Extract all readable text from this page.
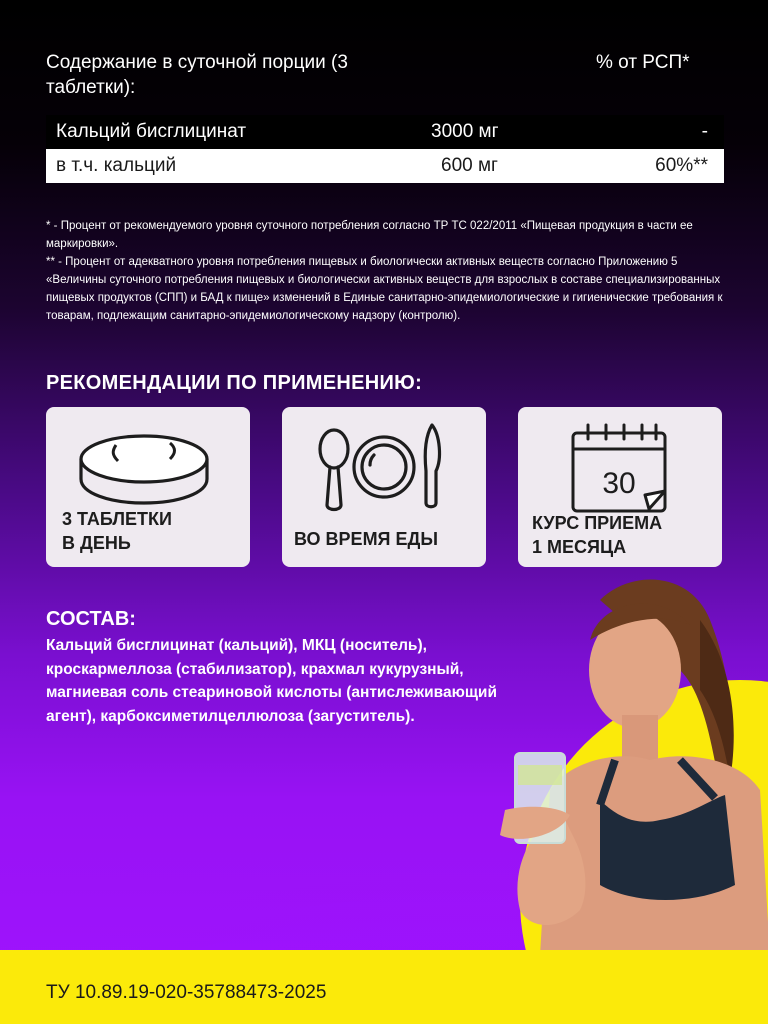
Содержание в суточной порции (3 таблетки):
% от РСП*
Кальций бисглицинат	3000 мг	-
в т.ч. кальций	600 мг	60%**
* - Процент от рекомендуемого уровня суточного потребления согласно ТР ТС 022/2011 «Пищевая продукция в части ее маркировки».
** - Процент от адекватного уровня потребления пищевых и биологически активных веществ согласно Приложению 5 «Величины суточного потребления пищевых и биологически активных веществ для взрослых в составе специализированных пищевых продуктов (СПП) и БАД к пище» изменений в Единые санитарно-эпидемиологические и гигиенические требования к товарам, подлежащим санитарно-эпидемиологическому надзору (контролю).
РЕКОМЕНДАЦИИ ПО ПРИМЕНЕНИЮ:
3 ТАБЛЕТКИ
В ДЕНЬ	ВО ВРЕМЯ ЕДЫ
30
КУРС ПРИЕМА
1 МЕСЯЦА
СОСТАВ:
Кальций бисглицинат (кальций), МКЦ (носитель), кроскармеллоза (стабилизатор), крахмал кукурузный, магниевая соль стеариновой кислоты (антислеживающий агент), карбоксиметилцеллюлоза (загуститель).
ТУ 10.89.19-020-35788473-2025
